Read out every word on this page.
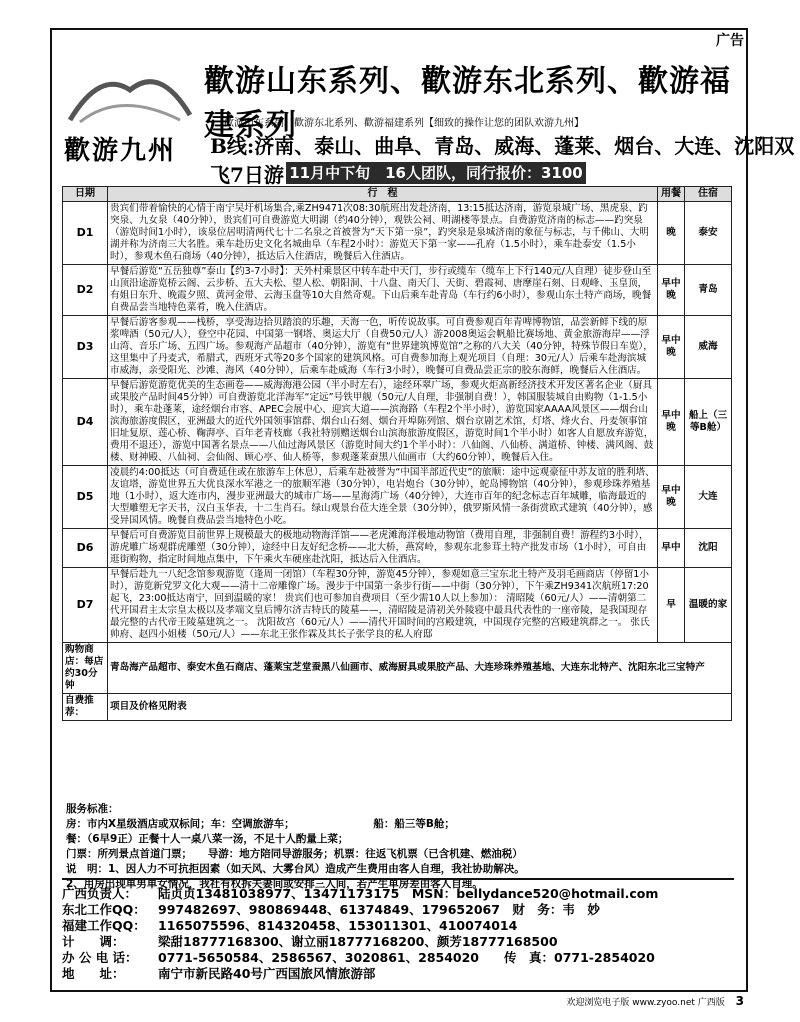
广告
歡游九州
歡游山东系列、歡游东北系列、歡游福建系列
歡游山东系列、歡游东北系列、歡游福建系列【细致的操作让您的团队欢游九州】
B线:济南、泰山、曲阜、青岛、威海、蓬莱、烟台、大连、沈阳双飞7日游 11月中下旬　16人团队，同行报价：3100
日期	行　程	用餐	住宿
D1	贵宾们带着愉快的心情于南宁吴圩机场集合,乘ZH9471次08:30航班出发赴济南，13:15抵达济南，游览泉城广场、黑虎泉、趵突泉、九女泉（40分钟），贵宾们可自费游览大明湖（约40分钟），观铁公祠、明湖楼等景点。自费游览济南的标志——趵突泉（游览时间1小时），该泉位居明清两代七十二名泉之首被誉为“天下第一泉”，趵突泉是泉城济南的象征与标志，与千佛山、大明湖并称为济南三大名胜。乘车赴历史文化名城曲阜（车程2小时）：游览天下第一家——孔府（1.5小时），乘车赴泰安（1.5小时），参观木鱼石商场（40分钟），抵达后入住酒店，晚餐后入住酒店。	晚	泰安
D2	早餐后游览“五岳独尊”泰山【约3-7小时】：天外村乘景区中转车赴中天门，步行或缆车（缆车上下行140元/人自理）徒步登山至山顶沿途游览桥云阁、云步桥、五大夫松、望人松、朝阳洞、十八盘、南天门、天街、碧霞祠、唐摩崖石刻、日观峰、玉皇顶，有姐日东升、晚霞夕照、黄河金带、云海玉盘等10大自然奇观。下山后乘车赴青岛（车行约6小时），参观山东土特产商场，晚餐自费品尝当地特色菜肴，晚入住酒店。	早中晚	青岛
D3	早餐后游客参观——栈桥，享受海边拾贝踏浪的乐趣，天海一色，听传说故事。可自费参观百年青啤博物馆，品尝新鲜下线的原浆啤酒（50元/人），登空中花园、中国第一钢塔、奥运大厅（自费50元/人）游2008奥运会帆船比赛场地、黄金旅游海岸——浮山湾、音乐广场、五四广场。参观海产品超市（40分钟），游览有“世界建筑博览馆”之称的八大关（40分钟，特殊节假日车览），这里集中了丹麦式，希腊式，西班牙式等20多个国家的建筑风格。可自费参加海上观光项目（自理：30元/人）后乘车赴海滨城市威海，亲受阳光、沙滩、海风（40分钟），后乘车赴威海（车行3小时），晚餐可自费品尝正宗的胶东海鲜，晚餐后入住酒店。	早中晚	威海
D4	早餐后游览游览优美的生态画卷——威海海港公园（半小时左右），途经环翠广场，参观火炬高新经济技术开发区著名企业（厨具或果胶产品时间45分钟）可自费游览北洋海军“定远”号铁甲舰（50元/人自理，非强制自费！），韩国服装城自由购物（1-1.5小时），乘车赴蓬莱，途经烟台市容、APEC会展中心、迎宾大道——滨海路（车程2个半小时），游览国家AAAA风景区——烟台山滨海旅游度假区，亚洲最大的近代外国领事馆群、烟台山石刻、烟台开埠陈列馆、烟台京剧艺术馆，灯塔、烽火台、丹麦领事馆旧址复原、莲心桥、鞠湃亭、百年老青枝廊（我社特别赠送烟台山滨海旅游度假区，游览时间1个半小时）如客人自愿放弃游览，费用不退还），游览中国著名景点——八仙过海风景区（游览时间大约1个半小时）：八仙阁、八仙桥、满道桥、钟楼、满风阁、鼓楼、财神殿、八仙祠、会仙阁、顾心亭、仙人桥等，参观蓬莱蚕黑八仙画市（大约60分钟），晚餐后入住。	早中晚	船上（三等B舱）
D5	凌晨约4:00抵达（可自费延住或在旅游车上休息），后乘车赴被誉为“中国半部近代史”的旅顺：途中远观豪征中苏友谊的胜利塔、友谊塔，游览世界五大优良深水军港之一的旅顺军港（30分钟），电岩炮台（30分钟），蛇岛博物馆（40分钟），参观珍珠养殖基地（1小时），返大连市内，漫步亚洲最大的城市广场——星海湾广场（40分钟），大连市百年的纪念标志百年城雕，临海最近的大型雕塑无字天书，汉白玉华表，十二生肖石。绿山观景台莅大连全景（30分钟），俄罗斯风情一条街赏欧式建筑（40分钟），感受异国风情。晚餐自费品尝当地特色小吃。	早中晚	大连
D6	早餐后可自费游览目前世界上规模最大的极地动物海洋馆——老虎滩海洋极地动物馆（费用自理，非强制自费！游程约3小时），游虎雕广场观群虎雕塑（30分钟），途经中日友好纪念桥——北大桥，燕窝岭，参观东北参茸土特产批发市场（1小时），可自由逛街购物，指定时间地点集中，下午乘火车硬座赴沈阳，抵达后入住酒店。	早中	沈阳
D7	早餐后赴九一八纪念馆参观游览（逢周一闭馆）（车程30分钟，游览45分钟），参观如意三宝东北土特产及羽毛画商店（停留1小时），游览新党罗文化大观——清十二帝雕像广场。漫步于中国第一条步行街——中街（30分钟），下午乘ZH9341次航班17:20起飞，23:00抵达南宁，回到温暖的家！ 贵宾们也可参加自费项目（至少需10人以上参加）： 清昭陵（60元/人）——清朝第二代开国君主太宗皇太极以及孝端文皇后博尔济吉特氏的陵墓——，清昭陵是清初关外陵寝中最具代表性的一座帝陵，是我国现存最完整的古代帝王陵墓建筑之一。 沈阳故宫（60元/人）——清代开国时间的宫殿建筑，中国现存完整的宫殿建筑群之一。 张氏帅府、赵四小姐楼（50元/人）——东北王张作霖及其长子张学良的私人府邸	早	温暖的家
购物商店：每店约30分钟	青岛海产品超市、泰安木鱼石商店、蓬莱宝芝堂蚕黑八仙画市、威海厨具或果胶产品、大连珍珠养殖基地、大连东北特产、沈阳东北三宝特产		
自费推荐：	项目及价格见附表		
服务标准：
房：市内X星级酒店或双标间；车：空调旅游车；　　　　　　　　船：船三等B舱；
餐：（6早9正）正餐十人一桌八菜一汤，不足十人酌量上菜；
门票：所列景点首道门票；　　导游：地方陪同导游服务；机票：往返飞机票（已含机建、燃油税）
说　明：1、因人力不可抗拒因素（如天风、大雾台风）造成产生费用由客人自理，我社协助解决。
2、用房出现单男单女情况，我社有权拆夫妻间或安排三人间，若产生单房差由客人自理。
广西负责人：	陆贞贞13481038977、13471173175　MSN：bellydance520@hotmail.com
东北工作QQ： 997482697、980869448、61374849、179652067　财　务：韦　妙
福建工作QQ： 1165075596、814320458、153011301、410074014
计　　调：	梁甜18777168300、谢立丽18777168200、颜芳18777168500
办 公 电 话：	0771-5650584、2586567、3020861、2854020　　传　真：0771-2854020
地　　址：	南宁市新民路40号广西国旅风情旅游部
欢迎浏览电子版 www.zyoo.net 广西版 3
